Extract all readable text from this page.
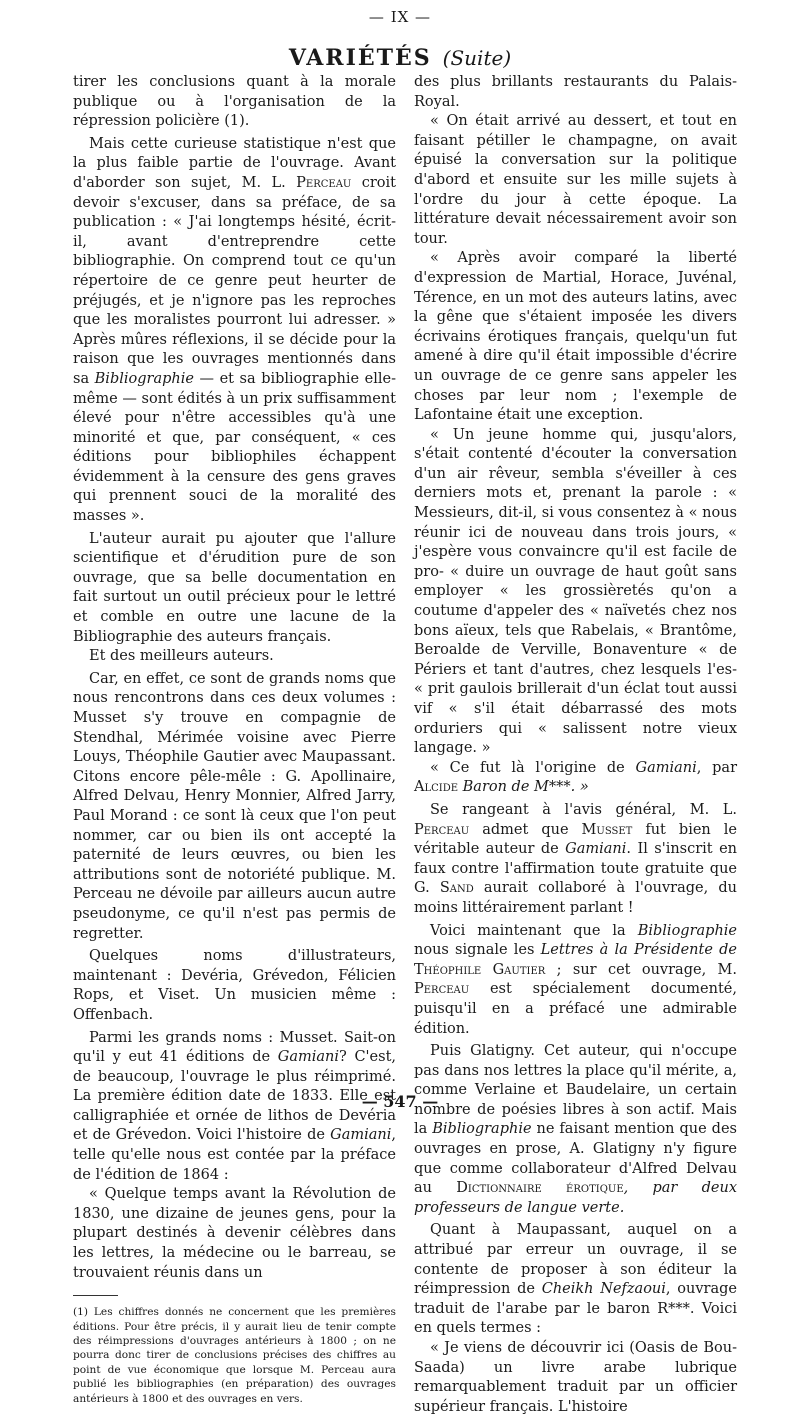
— IX —
VARIÉTÉS (Suite)

tirer les conclusions quant à la morale publique ou à l'organisation de la répression policière (1).

Mais cette curieuse statistique n'est que la plus faible partie de l'ouvrage. Avant d'aborder son sujet, M. L. Perceau croit devoir s'excuser, dans sa préface, de sa publication : « J'ai longtemps hésité, écrit-il, avant d'entreprendre cette bibliographie. On comprend tout ce qu'un répertoire de ce genre peut heurter de préjugés, et je n'ignore pas les reproches que les moralistes pourront lui adresser. » Après mûres réflexions, il se décide pour la raison que les ouvrages mentionnés dans sa Bibliographie — et sa bibliographie elle-même — sont édités à un prix suffisamment élevé pour n'être accessibles qu'à une minorité et que, par conséquent, « ces éditions pour bibliophiles échappent évidemment à la censure des gens graves qui prennent souci de la moralité des masses ».

L'auteur aurait pu ajouter que l'allure scientifique et d'érudition pure de son ouvrage, que sa belle documentation en fait surtout un outil précieux pour le lettré et comble en outre une lacune de la Bibliographie des auteurs français.

Et des meilleurs auteurs.

Car, en effet, ce sont de grands noms que nous rencontrons dans ces deux volumes : Musset s'y trouve en compagnie de Stendhal, Mérimée voisine avec Pierre Louys, Théophile Gautier avec Maupassant. Citons encore pêle-mêle : G. Apollinaire, Alfred Delvau, Henry Monnier, Alfred Jarry, Paul Morand : ce sont là ceux que l'on peut nommer, car ou bien ils ont accepté la paternité de leurs œuvres, ou bien les attributions sont de notoriété publique. M. Perceau ne dévoile par ailleurs aucun autre pseudonyme, ce qu'il n'est pas permis de regretter.

Quelques noms d'illustrateurs, maintenant : Devéria, Grévedon, Félicien Rops, et Viset. Un musicien même : Offenbach.

Parmi les grands noms : Musset. Sait-on qu'il y eut 41 éditions de Gamiani? C'est, de beaucoup, l'ouvrage le plus réimprimé. La première édition date de 1833. Elle est calligraphiée et ornée de lithos de Devéria et de Grévedon. Voici l'histoire de Gamiani, telle qu'elle nous est contée par la préface de l'édition de 1864 :

« Quelque temps avant la Révolution de 1830, une dizaine de jeunes gens, pour la plupart destinés à devenir célèbres dans les lettres, la médecine ou le barreau, se trouvaient réunis dans un

(1) Les chiffres donnés ne concernent que les premières éditions. Pour être précis, il y aurait lieu de tenir compte des réimpressions d'ouvrages antérieurs à 1800 ; on ne pourra donc tirer de conclusions précises des chiffres au point de vue économique que lorsque M. Perceau aura publié les bibliographies (en préparation) des ouvrages antérieurs à 1800 et des ouvrages en vers.

des plus brillants restaurants du Palais-Royal.

« On était arrivé au dessert, et tout en faisant pétiller le champagne, on avait épuisé la conversation sur la politique d'abord et ensuite sur les mille sujets à l'ordre du jour à cette époque. La littérature devait nécessairement avoir son tour.

« Après avoir comparé la liberté d'expression de Martial, Horace, Juvénal, Térence, en un mot des auteurs latins, avec la gêne que s'étaient imposée les divers écrivains érotiques français, quelqu'un fut amené à dire qu'il était impossible d'écrire un ouvrage de ce genre sans appeler les choses par leur nom ; l'exemple de Lafontaine était une exception.

« Un jeune homme qui, jusqu'alors, s'était contenté d'écouter la conversation d'un air rêveur, sembla s'éveiller à ces derniers mots et, prenant la parole : « Messieurs, dit-il, si vous consentez à « nous réunir ici de nouveau dans trois jours, « j'espère vous convaincre qu'il est facile de pro- « duire un ouvrage de haut goût sans employer « les grossièretés qu'on a coutume d'appeler des « naïvetés chez nos bons aïeux, tels que Rabelais, « Brantôme, Beroalde de Verville, Bonaventure « de Périers et tant d'autres, chez lesquels l'es- « prit gaulois brillerait d'un éclat tout aussi vif « s'il était débarrassé des mots orduriers qui « salissent notre vieux langage. »

« Ce fut là l'origine de Gamiani, par Alcide Baron de M***. »

Se rangeant à l'avis général, M. L. Perceau admet que Musset fut bien le véritable auteur de Gamiani. Il s'inscrit en faux contre l'affirmation toute gratuite que G. Sand aurait collaboré à l'ouvrage, du moins littérairement parlant !

Voici maintenant que la Bibliographie nous signale les Lettres à la Présidente de Théophile Gautier ; sur cet ouvrage, M. Perceau est spécialement documenté, puisqu'il en a préfacé une admirable édition.

Puis Glatigny. Cet auteur, qui n'occupe pas dans nos lettres la place qu'il mérite, a, comme Verlaine et Baudelaire, un certain nombre de poésies libres à son actif. Mais la Bibliographie ne faisant mention que des ouvrages en prose, A. Glatigny n'y figure que comme collaborateur d'Alfred Delvau au Dictionnaire érotique, par deux professeurs de langue verte.

Quant à Maupassant, auquel on a attribué par erreur un ouvrage, il se contente de proposer à son éditeur la réimpression de Cheikh Nefzaoui, ouvrage traduit de l'arabe par le baron R***. Voici en quels termes :

« Je viens de découvrir ici (Oasis de Bou-Saada) un livre arabe lubrique remarquablement traduit par un officier supérieur français. L'histoire

— 547 —
